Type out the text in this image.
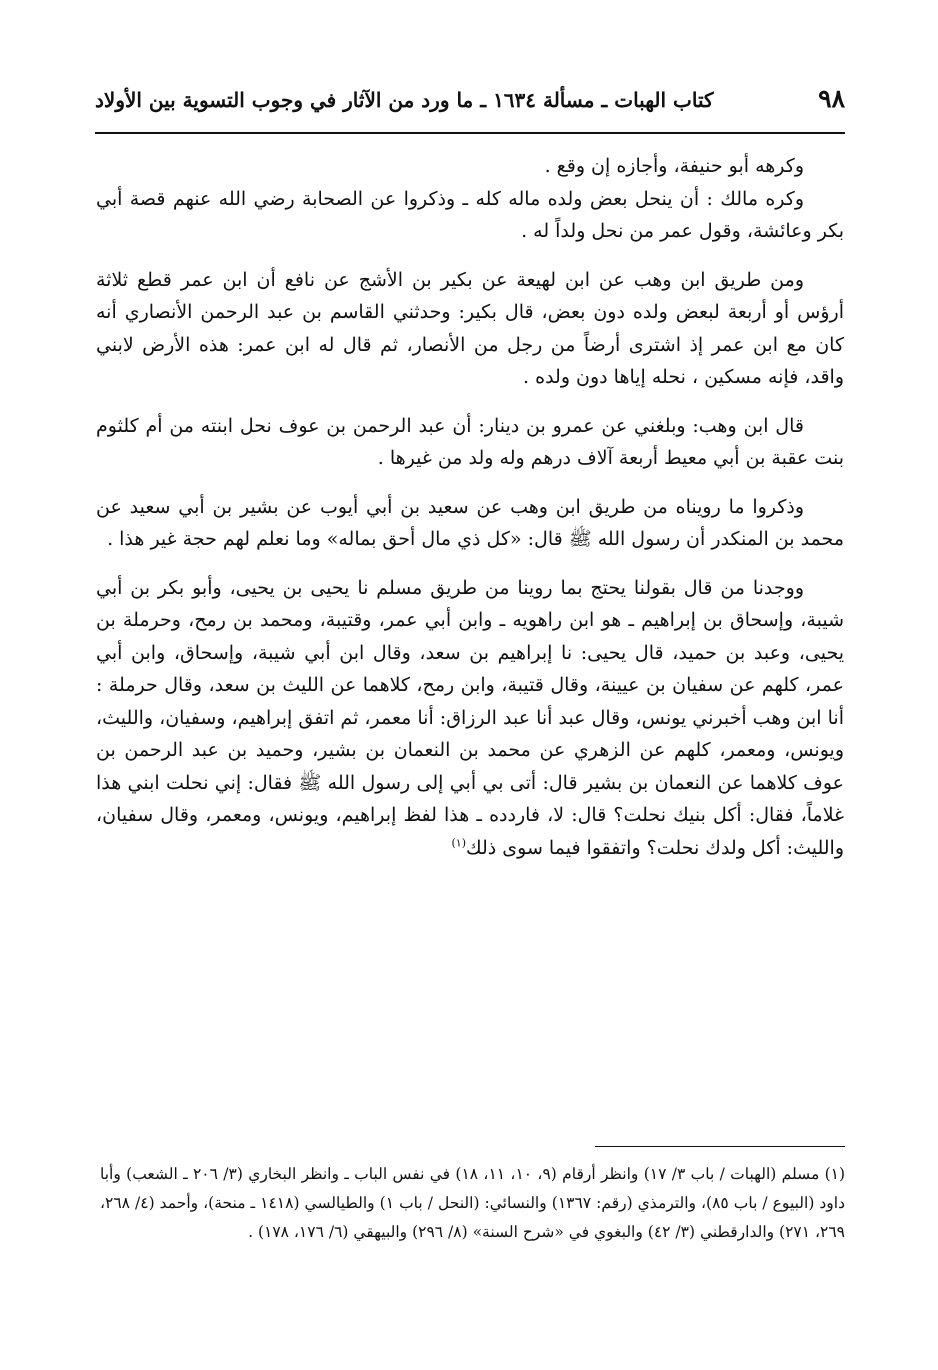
٩٨
كتاب الهبات ـ مسألة ١٦٣٤ ـ ما ورد من الآثار في وجوب التسوية بين الأولاد

وكرهه أبو حنيفة، وأجازه إن وقع .

وكره مالك : أن ينحل بعض ولده ماله كله ـ وذكروا عن الصحابة رضي الله عنهم قصة أبي بكر وعائشة، وقول عمر من نحل ولداً له .

ومن طريق ابن وهب عن ابن لهيعة عن بكير بن الأشج عن نافع أن ابن عمر قطع ثلاثة أرؤس أو أربعة لبعض ولده دون بعض، قال بكير: وحدثني القاسم بن عبد الرحمن الأنصاري أنه كان مع ابن عمر إذ اشترى أرضاً من رجل من الأنصار، ثم قال له ابن عمر: هذه الأرض لابني واقد، فإنه مسكين ، نحله إياها دون ولده .

قال ابن وهب: وبلغني عن عمرو بن دينار: أن عبد الرحمن بن عوف نحل ابنته من أم كلثوم بنت عقبة بن أبي معيط أربعة آلاف درهم وله ولد من غيرها .

وذكروا ما رويناه من طريق ابن وهب عن سعيد بن أبي أيوب عن بشير بن أبي سعيد عن محمد بن المنكدر أن رسول الله ﷺ قال: «كل ذي مال أحق بماله» وما نعلم لهم حجة غير هذا .

ووجدنا من قال بقولنا يحتج بما روينا من طريق مسلم نا يحيى بن يحيى، وأبو بكر بن أبي شيبة، وإسحاق بن إبراهيم ـ هو ابن راهويه ـ وابن أبي عمر، وقتيبة، ومحمد بن رمح، وحرملة بن يحيى، وعبد بن حميد، قال يحيى: نا إبراهيم بن سعد، وقال ابن أبي شيبة، وإسحاق، وابن أبي عمر، كلهم عن سفيان بن عيينة، وقال قتيبة، وابن رمح، كلاهما عن الليث بن سعد، وقال حرملة : أنا ابن وهب أخبرني يونس، وقال عبد أنا عبد الرزاق: أنا معمر، ثم اتفق إبراهيم، وسفيان، والليث، ويونس، ومعمر، كلهم عن الزهري عن محمد بن النعمان بن بشير، وحميد بن عبد الرحمن بن عوف كلاهما عن النعمان بن بشير قال: أتى بي أبي إلى رسول الله ﷺ فقال: إني نحلت ابني هذا غلاماً، فقال: أكل بنيك نحلت؟ قال: لا، فاردده ـ هذا لفظ إبراهيم، ويونس، ومعمر، وقال سفيان، والليث: أكل ولدك نحلت؟ واتفقوا فيما سوى ذلك$^{(١)}$

(١) مسلم (الهبات / باب ٣/ ١٧) وانظر أرقام (٩، ١٠، ١١، ١٨) في نفس الباب ـ وانظر البخاري (٣/ ٢٠٦ ـ الشعب) وأبا داود (البيوع / باب ٨٥)، والترمذي (رقم: ١٣٦٧) والنسائي: (النحل / باب ١) والطيالسي (١٤١٨ ـ منحة)، وأحمد (٤/ ٢٦٨، ٢٦٩، ٢٧١) والدارقطني (٣/ ٤٢) والبغوي في «شرح السنة» (٨/ ٢٩٦) والبيهقي (٦/ ١٧٦، ١٧٨) .
